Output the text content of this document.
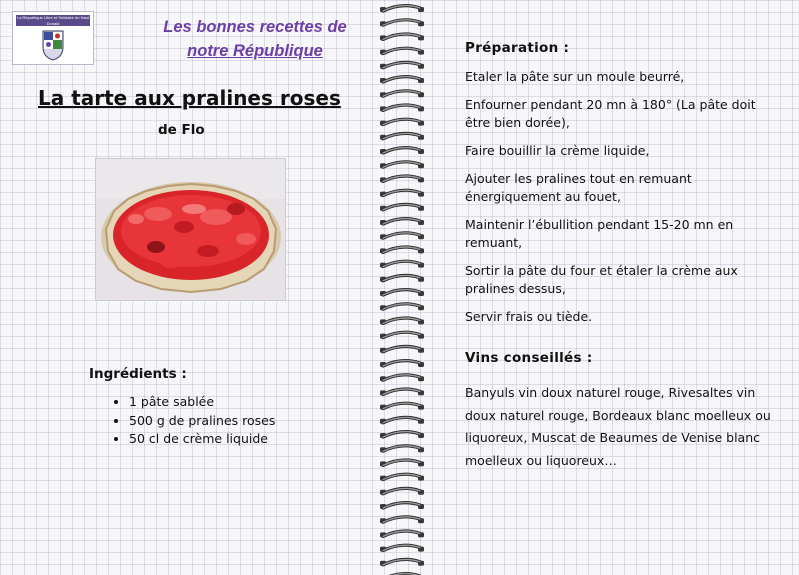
La République Libre et Solidaire du Haut Donald	Les bonnes recettes de
notre République
La tarte aux pralines roses
de Flo
Ingrédients :
• 1 pâte sablée
• 500 g de pralines roses
• 50 cl de crème liquide
Préparation :
Etaler la pâte sur un moule beurré,
Enfourner pendant 20 mn à 180° (La pâte doit être bien dorée),
Faire bouillir la crème liquide,
Ajouter les pralines tout en remuant énergiquement au fouet,
Maintenir l’ébullition pendant 15-20 mn en remuant,
Sortir la pâte du four et étaler la crème aux pralines dessus,
Servir frais ou tiède.
Vins conseillés :
Banyuls vin doux naturel rouge, Rivesaltes vin doux naturel rouge, Bordeaux blanc moelleux ou liquoreux, Muscat de Beaumes de Venise blanc moelleux ou liquoreux…
